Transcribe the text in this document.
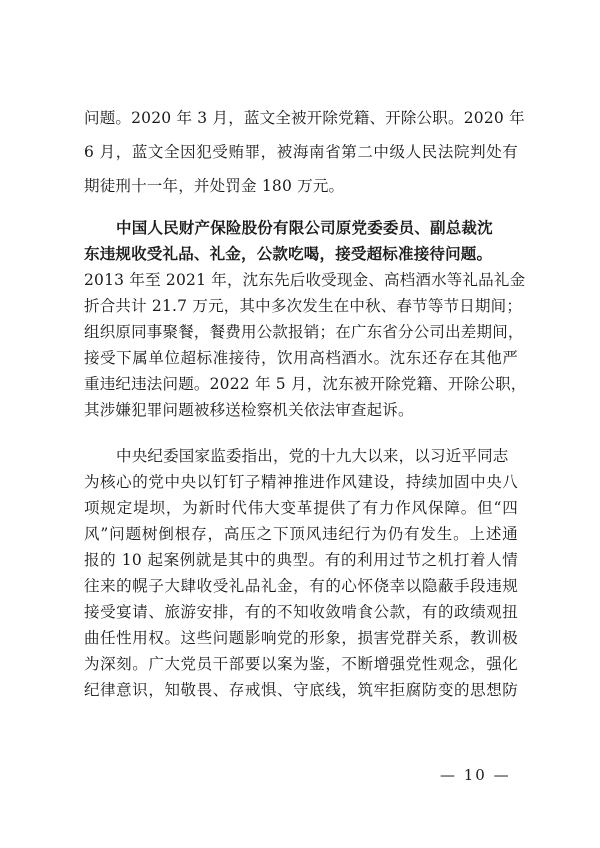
问题。2020 年 3 月，蓝文全被开除党籍、开除公职。2020 年
6 月，蓝文全因犯受贿罪，被海南省第二中级人民法院判处有
期徒刑十一年，并处罚金 180 万元。
中国人民财产保险股份有限公司原党委委员、副总裁沈
东违规收受礼品、礼金，公款吃喝，接受超标准接待问题。
2013 年至 2021 年，沈东先后收受现金、高档酒水等礼品礼金
折合共计 21.7 万元，其中多次发生在中秋、春节等节日期间；
组织原同事聚餐，餐费用公款报销；在广东省分公司出差期间，
接受下属单位超标准接待，饮用高档酒水。沈东还存在其他严
重违纪违法问题。2022 年 5 月，沈东被开除党籍、开除公职，
其涉嫌犯罪问题被移送检察机关依法审查起诉。
中央纪委国家监委指出，党的十九大以来，以习近平同志
为核心的党中央以钉钉子精神推进作风建设，持续加固中央八
项规定堤坝，为新时代伟大变革提供了有力作风保障。但“四
风”问题树倒根存，高压之下顶风违纪行为仍有发生。上述通
报的 10 起案例就是其中的典型。有的利用过节之机打着人情
往来的幌子大肆收受礼品礼金，有的心怀侥幸以隐蔽手段违规
接受宴请、旅游安排，有的不知收敛啃食公款，有的政绩观扭
曲任性用权。这些问题影响党的形象，损害党群关系，教训极
为深刻。广大党员干部要以案为鉴，不断增强党性观念，强化
纪律意识，知敬畏、存戒惧、守底线，筑牢拒腐防变的思想防
— 10 —
